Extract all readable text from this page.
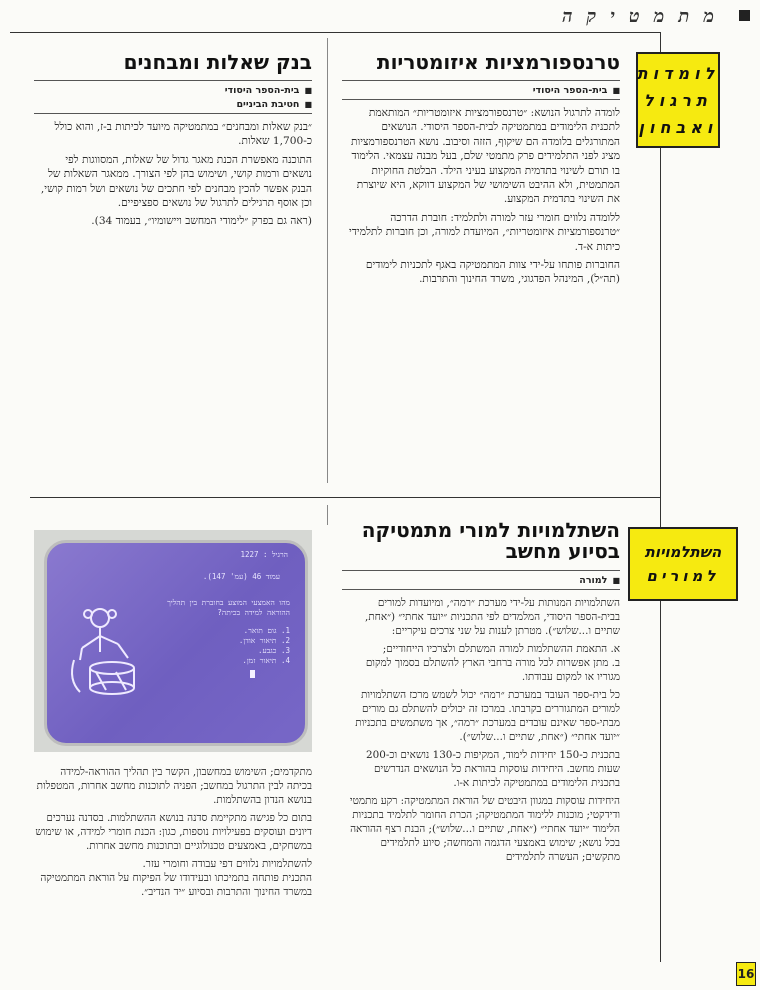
מתמטיקה
לומדות
תרגול
ואבחון
השתלמויות
למורים
טרנספורמציות איזומטריות
■ בית-הספר היסודי

לומדה לתרגול הנושא: ״טרנספורמציות איזומטריות״ המותאמת לתכנית הלימודים במתמטיקה לבית-הספר היסודי. הנושאים המתורגלים בלומדה הם שיקוף, הזזה וסיבוב. נושא הטרנספורמציות מציג לפני התלמידים פרק מתמטי שלם, בעל מבנה עצמאי. הלימוד בו תורם לשינוי בתדמית המקצוע בעיני הילד. הבלטת החוקיות המתמטית, ולא ההיבט השימושי של המקצוע דווקא, היא שיוצרת את השינוי בתדמית המקצוע.

ללומדה נלווים חומרי עזר למורה ולתלמיד: חוברת הדרכה ״טרנספורמציות איזומטריות״, המיועדת למורה, וכן חוברות לתלמידי כיתות א-ד.

החוברות פותחו על-ידי צוות המתמטיקה באגף לתכניות לימודים (תה״ל), המינהל הפדגוגי, משרד החינוך והתרבות.

בנק שאלות ומבחנים
■ בית-הספר היסודי
■ חטיבת הביניים

״בנק שאלות ומבחנים״ במתמטיקה מיועד לכיתות ב-ז, והוא כולל כ-1,700 שאלות.

התוכנה מאפשרת הכנת מאגר גדול של שאלות, המסווגות לפי נושאים ורמות קושי, ושימוש בהן לפי הצורך. ממאגר השאלות של הבנק אפשר להכין מבחנים לפי חתכים של נושאים ושל רמות קושי, וכן אוסף תרגילים לתרגול של נושאים ספציפיים.

(ראה גם בפרק ״לימודי המחשב ויישומיו״, בעמוד 34).

השתלמויות למורי מתמטיקה
בסיוע מחשב
■ למורה

השתלמויות המנותות על-ידי מערכת ״רמה״, ומיועדות למורים בבית-הספר היסודי, המלמדים לפי התכניות ״יועד אחתי״ (״אחת, שתיים ו...שלוש״). מטרתן לענות על שני צרכים עיקריים:

א. התאמת ההשתלמות למורה המשתלם ולצרכיו הייחודיים;

ב. מתן אפשרות לכל מורה ברחבי הארץ להשתלם בסמוך למקום מגוריו או למקום עבודתו.

כל בית-ספר העובד במערכת ״רמה״ יכול לשמש מרכז השתלמויות למורים המתגוררים בקרבתו. במרכז זה יכולים להשתלם גם מורים מבתי-ספר שאינם עובדים במערכת ״רמה״, אך משתמשים בתכניות ״יועד אחתי״ (״אחת, שתיים ו...שלוש״).

בתכנית כ-150 יחידות לימוד, המקיפות כ-130 נושאים וכ-200 שעות מחשב. היחידות עוסקות בהוראת כל הנושאים הנדרשים בתכנית הלימודים במתמטיקה לכיתות א-ו.

היחידות עוסקות במגוון היבטים של הוראת המתמטיקה: רקע מתמטי ודידקטי; מוכנות ללימוד המתמטיקה; הכרת החומר לתלמיד בתכניות הלימוד ״יועד אחתי״ (״אחת, שתיים ו...שלוש״); הבנת רצף ההוראה בכל נושא; שימוש באמצעי הדגמה והמחשה; סיוע לתלמידים מתקשים; העשרה לתלמידים

הרגיל : 1227
עמוד 46 (עמ' 147).
מהו האמצעי המוצע בחוברת בין תהליך
ההוראה למידה בכיתה?
1. גום תואר.
2. תיאור אודן.
3. כגבע.
4. תיאור זמן.

מתקדמים; השימוש במחשבון, הקשר בין תהליך ההוראה-למידה בכיתה לבין התרגול במחשב; הפניה לתוכנות מחשב אחרות, המטפלות בנושא הנדון בהשתלמות.

בתום כל פגישה מתקיימת סדנה בנושא ההשתלמות. בסדנה נערכים דיונים ועוסקים בפעילויות נוספות, כגון: הכנת חומרי למידה, או שימוש במשחקים, באמצעים טכנולוגיים ובתוכנות מחשב אחרות.

להשתלמויות נלווים דפי עבודה וחומרי עזר.

התכנית פותחה בתמיכתו ובעידודו של הפיקוח על הוראת המתמטיקה במשרד החינוך והתרבות ובסיוע ״יד הנדיב״.

16
